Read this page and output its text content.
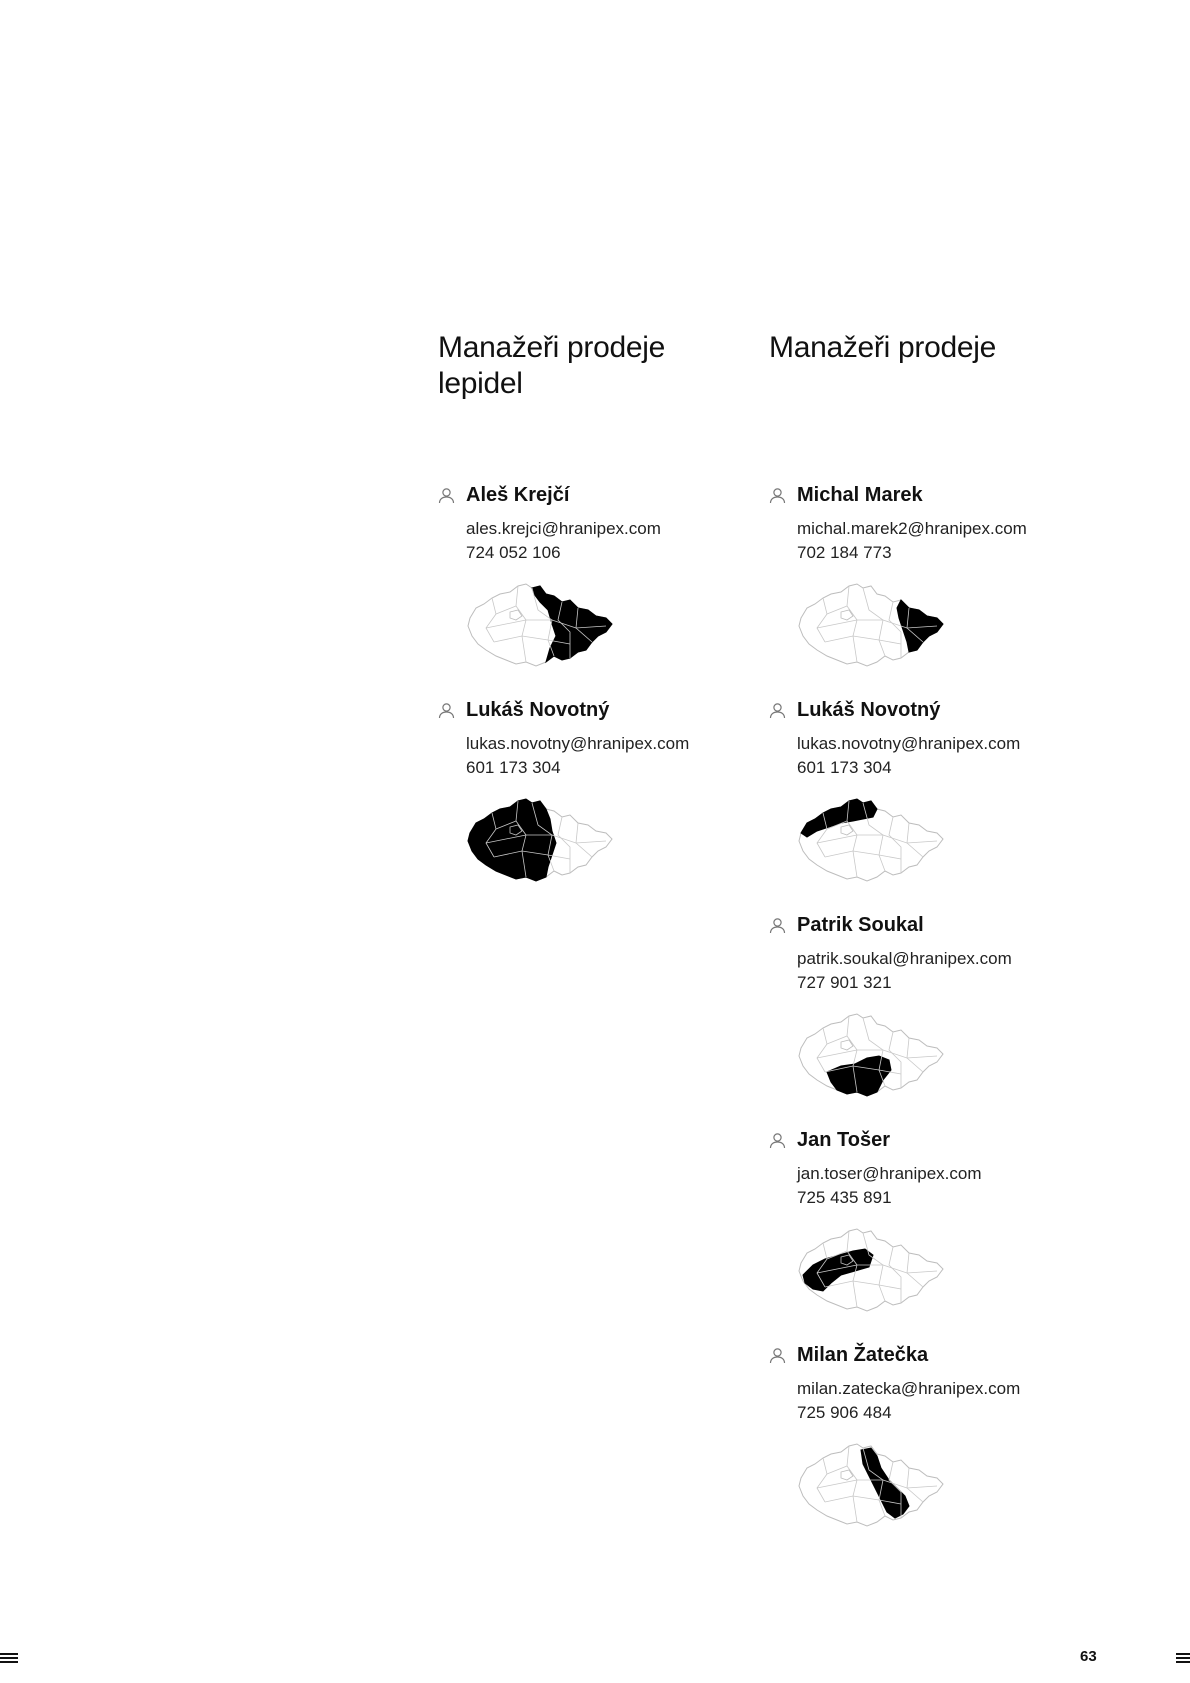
Manažeři prodeje
lepidel
Aleš Krejčí
ales.krejci@hranipex.com
724 052 106
Lukáš Novotný
lukas.novotny@hranipex.com
601 173 304
Manažeři prodeje
Michal Marek
michal.marek2@hranipex.com
702 184 773
Lukáš Novotný
lukas.novotny@hranipex.com
601 173 304
Patrik Soukal
patrik.soukal@hranipex.com
727 901 321
Jan Tošer
jan.toser@hranipex.com
725 435 891
Milan Žatečka
milan.zatecka@hranipex.com
725 906 484
63
